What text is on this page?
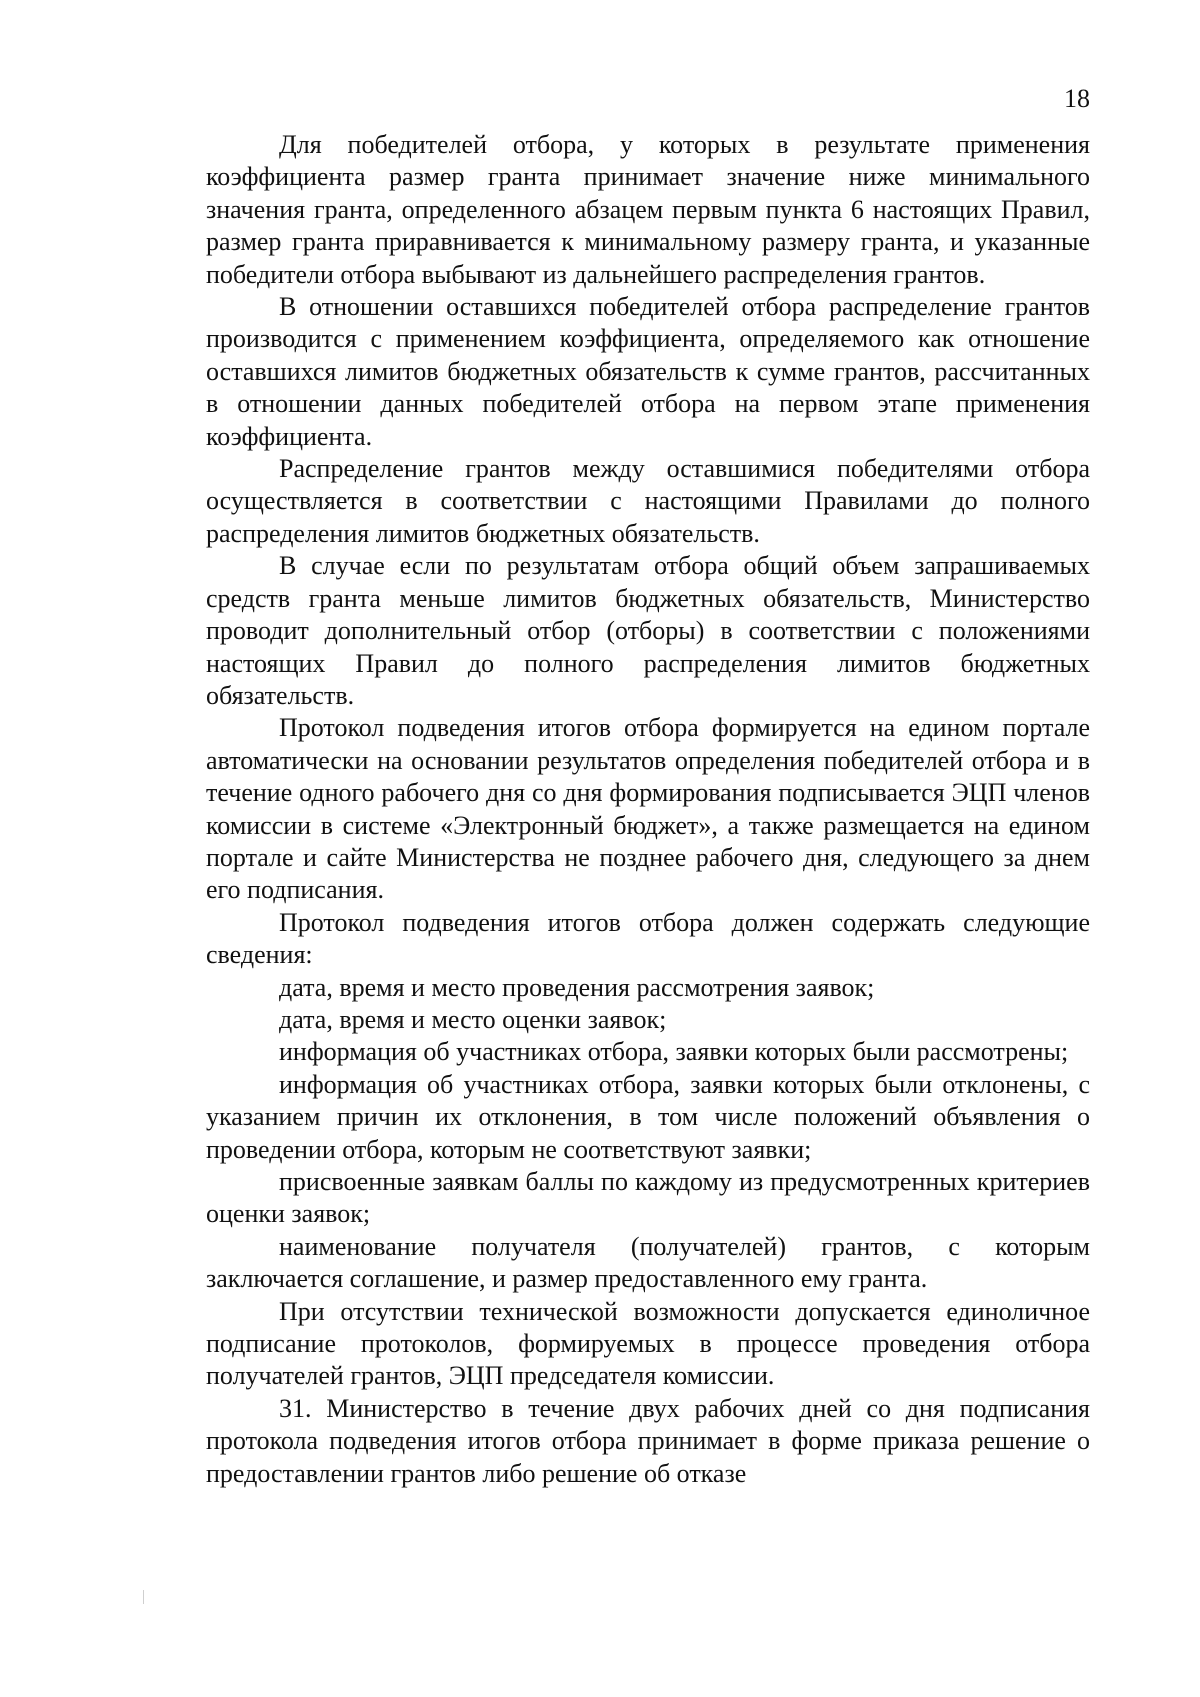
18

Для победителей отбора, у которых в результате применения коэффициента размер гранта принимает значение ниже минимального значения гранта, определенного абзацем первым пункта 6 настоящих Правил, размер гранта приравнивается к минимальному размеру гранта, и указанные победители отбора выбывают из дальнейшего распределения грантов.

В отношении оставшихся победителей отбора распределение грантов производится с применением коэффициента, определяемого как отношение оставшихся лимитов бюджетных обязательств к сумме грантов, рассчитанных в отношении данных победителей отбора на первом этапе применения коэффициента.

Распределение грантов между оставшимися победителями отбора осуществляется в соответствии с настоящими Правилами до полного распределения лимитов бюджетных обязательств.

В случае если по результатам отбора общий объем запрашиваемых средств гранта меньше лимитов бюджетных обязательств, Министерство проводит дополнительный отбор (отборы) в соответствии с положениями настоящих Правил до полного распределения лимитов бюджетных обязательств.

Протокол подведения итогов отбора формируется на едином портале автоматически на основании результатов определения победителей отбора и в течение одного рабочего дня со дня формирования подписывается ЭЦП членов комиссии в системе «Электронный бюджет», а также размещается на едином портале и сайте Министерства не позднее рабочего дня, следующего за днем его подписания.

Протокол подведения итогов отбора должен содержать следующие сведения:

дата, время и место проведения рассмотрения заявок;

дата, время и место оценки заявок;

информация об участниках отбора, заявки которых были рассмотрены;

информация об участниках отбора, заявки которых были отклонены, с указанием причин их отклонения, в том числе положений объявления о проведении отбора, которым не соответствуют заявки;

присвоенные заявкам баллы по каждому из предусмотренных критериев оценки заявок;

наименование получателя (получателей) грантов, с которым заключается соглашение, и размер предоставленного ему гранта.

При отсутствии технической возможности допускается единоличное подписание протоколов, формируемых в процессе проведения отбора получателей грантов, ЭЦП председателя комиссии.

31. Министерство в течение двух рабочих дней со дня подписания протокола подведения итогов отбора принимает в форме приказа решение о предоставлении грантов либо решение об отказе
